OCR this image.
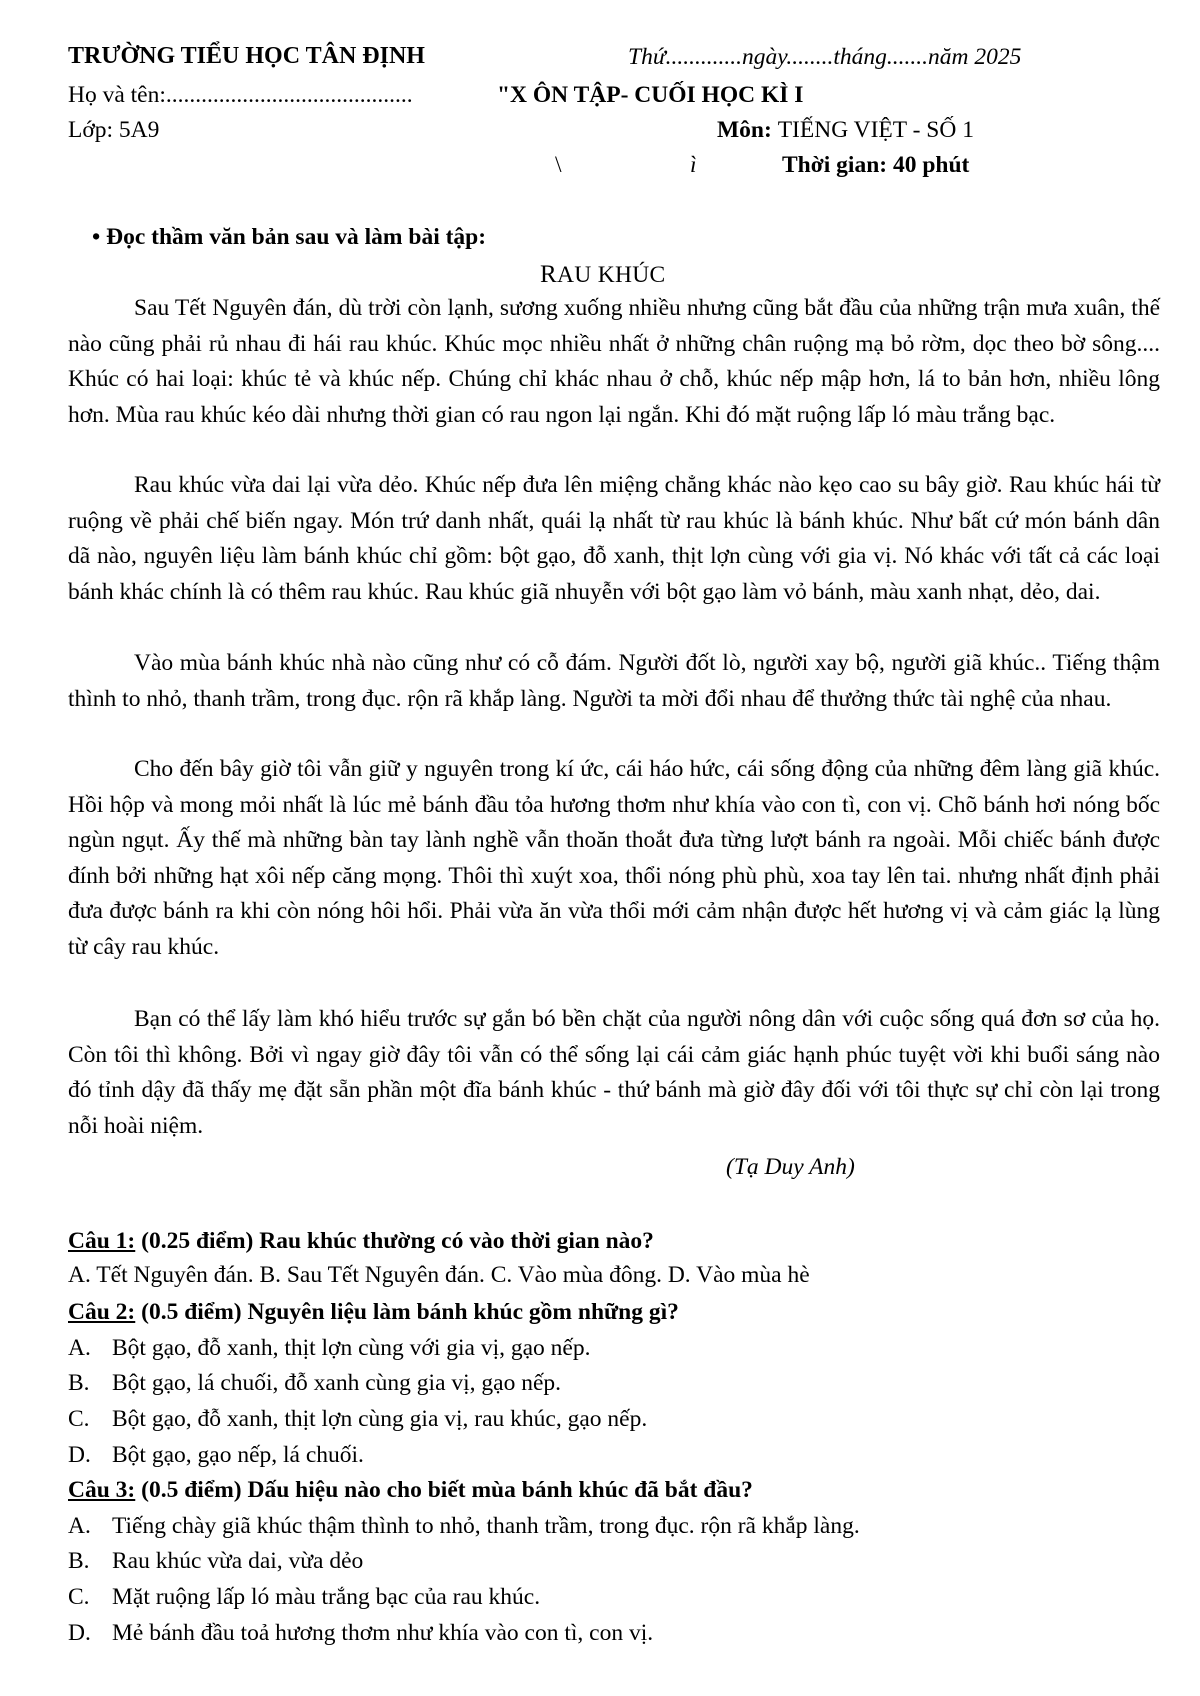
TRƯỜNG TIỂU HỌC TÂN ĐỊNH	Thứ.............ngày........tháng.......năm 2025
Họ và tên:..........................................	"X ÔN TẬP- CUỐI HỌC KÌ I
Lớp: 5A9	Môn: TIẾNG VIỆT - SỐ 1
\	ì	Thời gian: 40 phút
• Đọc thầm văn bản sau và làm bài tập:
RAU KHÚC
Sau Tết Nguyên đán, dù trời còn lạnh, sương xuống nhiều nhưng cũng bắt đầu của những trận mưa xuân, thế nào cũng phải rủ nhau đi hái rau khúc. Khúc mọc nhiều nhất ở những chân ruộng mạ bỏ rờm, dọc theo bờ sông.... Khúc có hai loại: khúc tẻ và khúc nếp. Chúng chỉ khác nhau ở chỗ, khúc nếp mập hơn, lá to bản hơn, nhiều lông hơn. Mùa rau khúc kéo dài nhưng thời gian có rau ngon lại ngắn. Khi đó mặt ruộng lấp ló màu trắng bạc.
Rau khúc vừa dai lại vừa dẻo. Khúc nếp đưa lên miệng chẳng khác nào kẹo cao su bây giờ. Rau khúc hái từ ruộng về phải chế biến ngay. Món trứ danh nhất, quái lạ nhất từ rau khúc là bánh khúc. Như bất cứ món bánh dân dã nào, nguyên liệu làm bánh khúc chỉ gồm: bột gạo, đỗ xanh, thịt lợn cùng với gia vị. Nó khác với tất cả các loại bánh khác chính là có thêm rau khúc. Rau khúc giã nhuyễn với bột gạo làm vỏ bánh, màu xanh nhạt, dẻo, dai.
Vào mùa bánh khúc nhà nào cũng như có cỗ đám. Người đốt lò, người xay bộ, người giã khúc.. Tiếng thậm thình to nhỏ, thanh trầm, trong đục. rộn rã khắp làng. Người ta mời đổi nhau để thưởng thức tài nghệ của nhau.
Cho đến bây giờ tôi vẫn giữ y nguyên trong kí ức, cái háo hức, cái sống động của những đêm làng giã khúc. Hồi hộp và mong mỏi nhất là lúc mẻ bánh đầu tỏa hương thơm như khía vào con tì, con vị. Chõ bánh hơi nóng bốc ngùn ngụt. Ấy thế mà những bàn tay lành nghề vẫn thoăn thoắt đưa từng lượt bánh ra ngoài. Mỗi chiếc bánh được đính bởi những hạt xôi nếp căng mọng. Thôi thì xuýt xoa, thổi nóng phù phù, xoa tay lên tai. nhưng nhất định phải đưa được bánh ra khi còn nóng hôi hổi. Phải vừa ăn vừa thổi mới cảm nhận được hết hương vị và cảm giác lạ lùng từ cây rau khúc.
Bạn có thể lấy làm khó hiểu trước sự gắn bó bền chặt của người nông dân với cuộc sống quá đơn sơ của họ. Còn tôi thì không. Bởi vì ngay giờ đây tôi vẫn có thể sống lại cái cảm giác hạnh phúc tuyệt vời khi buổi sáng nào đó tỉnh dậy đã thấy mẹ đặt sẵn phần một đĩa bánh khúc - thứ bánh mà giờ đây đối với tôi thực sự chỉ còn lại trong nỗi hoài niệm.
(Tạ Duy Anh)
Câu 1: (0.25 điểm) Rau khúc thường có vào thời gian nào?
A. Tết Nguyên đán. B. Sau Tết Nguyên đán. C. Vào mùa đông. D. Vào mùa hè
Câu 2: (0.5 điểm) Nguyên liệu làm bánh khúc gồm những gì?
A. Bột gạo, đỗ xanh, thịt lợn cùng với gia vị, gạo nếp.
B. Bột gạo, lá chuối, đỗ xanh cùng gia vị, gạo nếp.
C. Bột gạo, đỗ xanh, thịt lợn cùng gia vị, rau khúc, gạo nếp.
D. Bột gạo, gạo nếp, lá chuối.
Câu 3: (0.5 điểm) Dấu hiệu nào cho biết mùa bánh khúc đã bắt đầu?
A. Tiếng chày giã khúc thậm thình to nhỏ, thanh trầm, trong đục. rộn rã khắp làng.
B. Rau khúc vừa dai, vừa dẻo
C. Mặt ruộng lấp ló màu trắng bạc của rau khúc.
D. Mẻ bánh đầu toả hương thơm như khía vào con tì, con vị.
